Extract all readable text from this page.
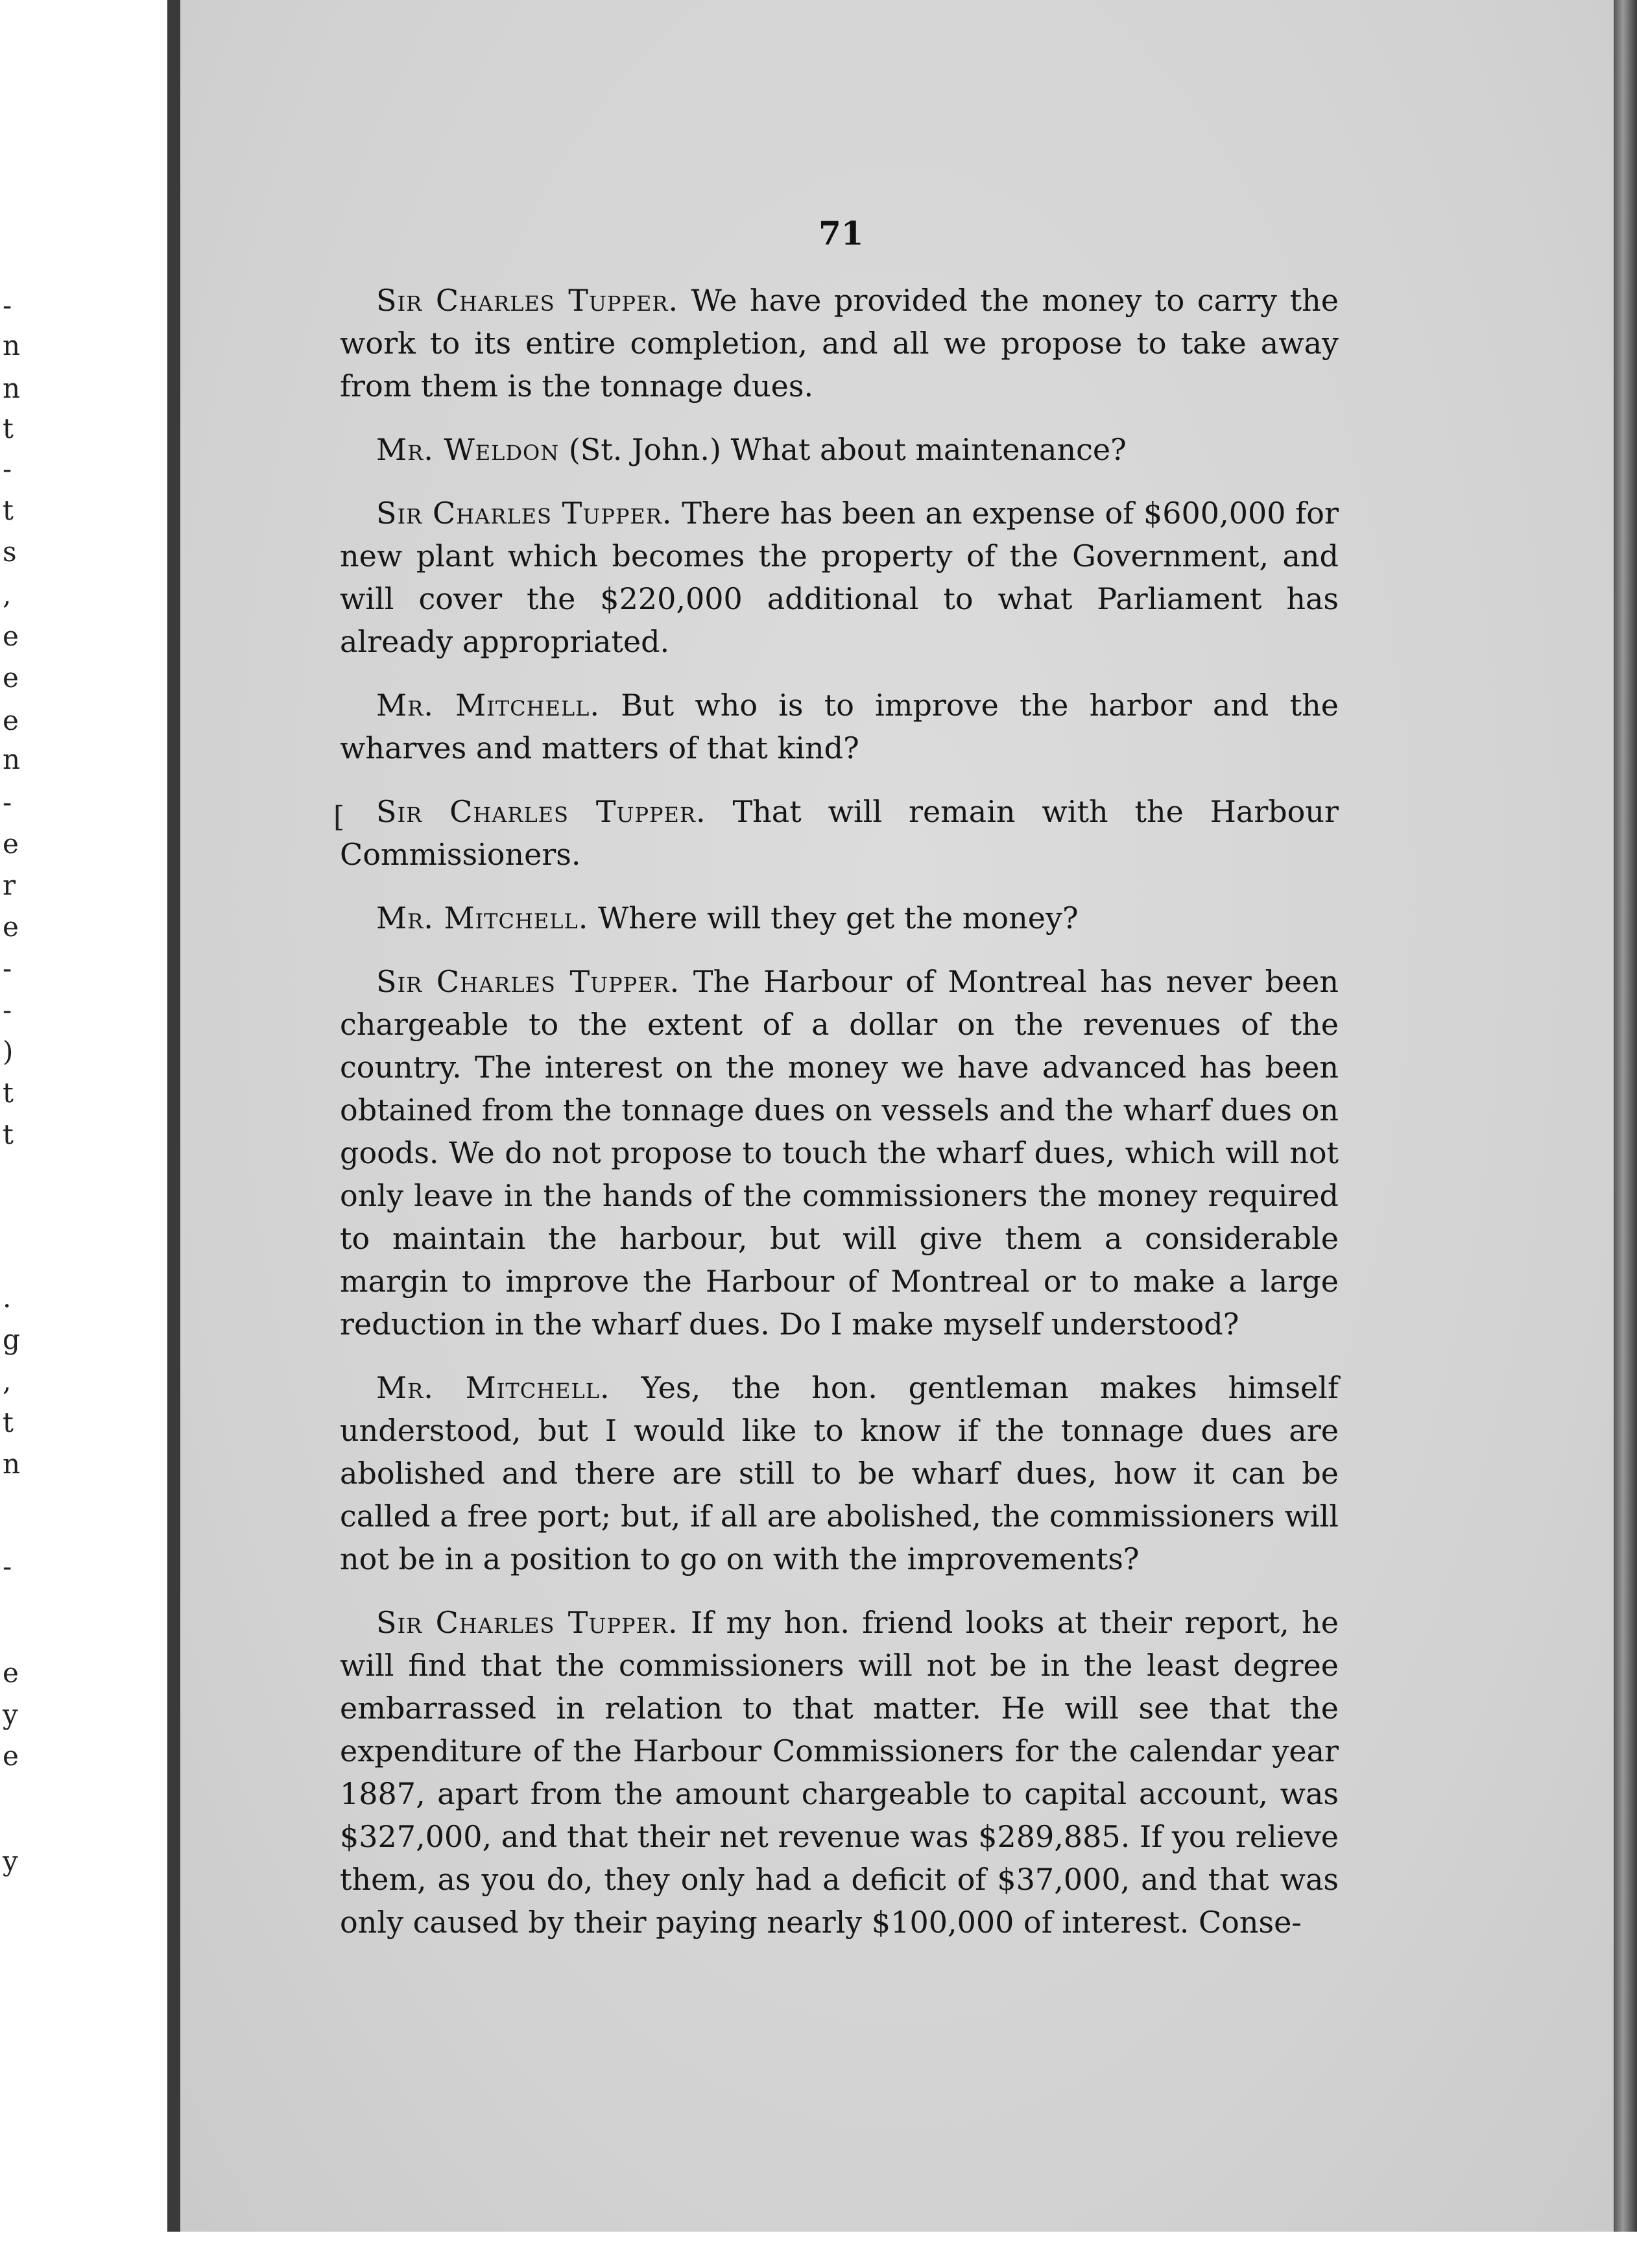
-
n
n
t
-
t
s
,
e
e
e
n
-
e
r
e
-
-
)
t
t
.
g
,
t
n
-
e
y
e
y
71
[

Sir Charles Tupper. We have provided the money to carry the work to its entire completion, and all we propose to take away from them is the tonnage dues.

Mr. Weldon (St. John.) What about maintenance?

Sir Charles Tupper. There has been an expense of $600,000 for new plant which becomes the property of the Government, and will cover the $220,000 additional to what Parliament has already appropriated.

Mr. Mitchell. But who is to improve the harbor and the wharves and matters of that kind?

Sir Charles Tupper. That will remain with the Harbour Commissioners.

Mr. Mitchell. Where will they get the money?

Sir Charles Tupper. The Harbour of Montreal has never been chargeable to the extent of a dollar on the revenues of the country. The interest on the money we have advanced has been obtained from the tonnage dues on vessels and the wharf dues on goods. We do not propose to touch the wharf dues, which will not only leave in the hands of the commissioners the money required to maintain the harbour, but will give them a considerable margin to improve the Harbour of Montreal or to make a large reduction in the wharf dues. Do I make myself understood?

Mr. Mitchell. Yes, the hon. gentleman makes himself understood, but I would like to know if the tonnage dues are abolished and there are still to be wharf dues, how it can be called a free port; but, if all are abolished, the commissioners will not be in a position to go on with the improvements?

Sir Charles Tupper. If my hon. friend looks at their report, he will find that the commissioners will not be in the least degree embarrassed in relation to that matter. He will see that the expenditure of the Harbour Commissioners for the calendar year 1887, apart from the amount chargeable to capital account, was $327,000, and that their net revenue was $289,885. If you relieve them, as you do, they only had a deficit of $37,000, and that was only caused by their paying nearly $100,000 of interest. Conse-
